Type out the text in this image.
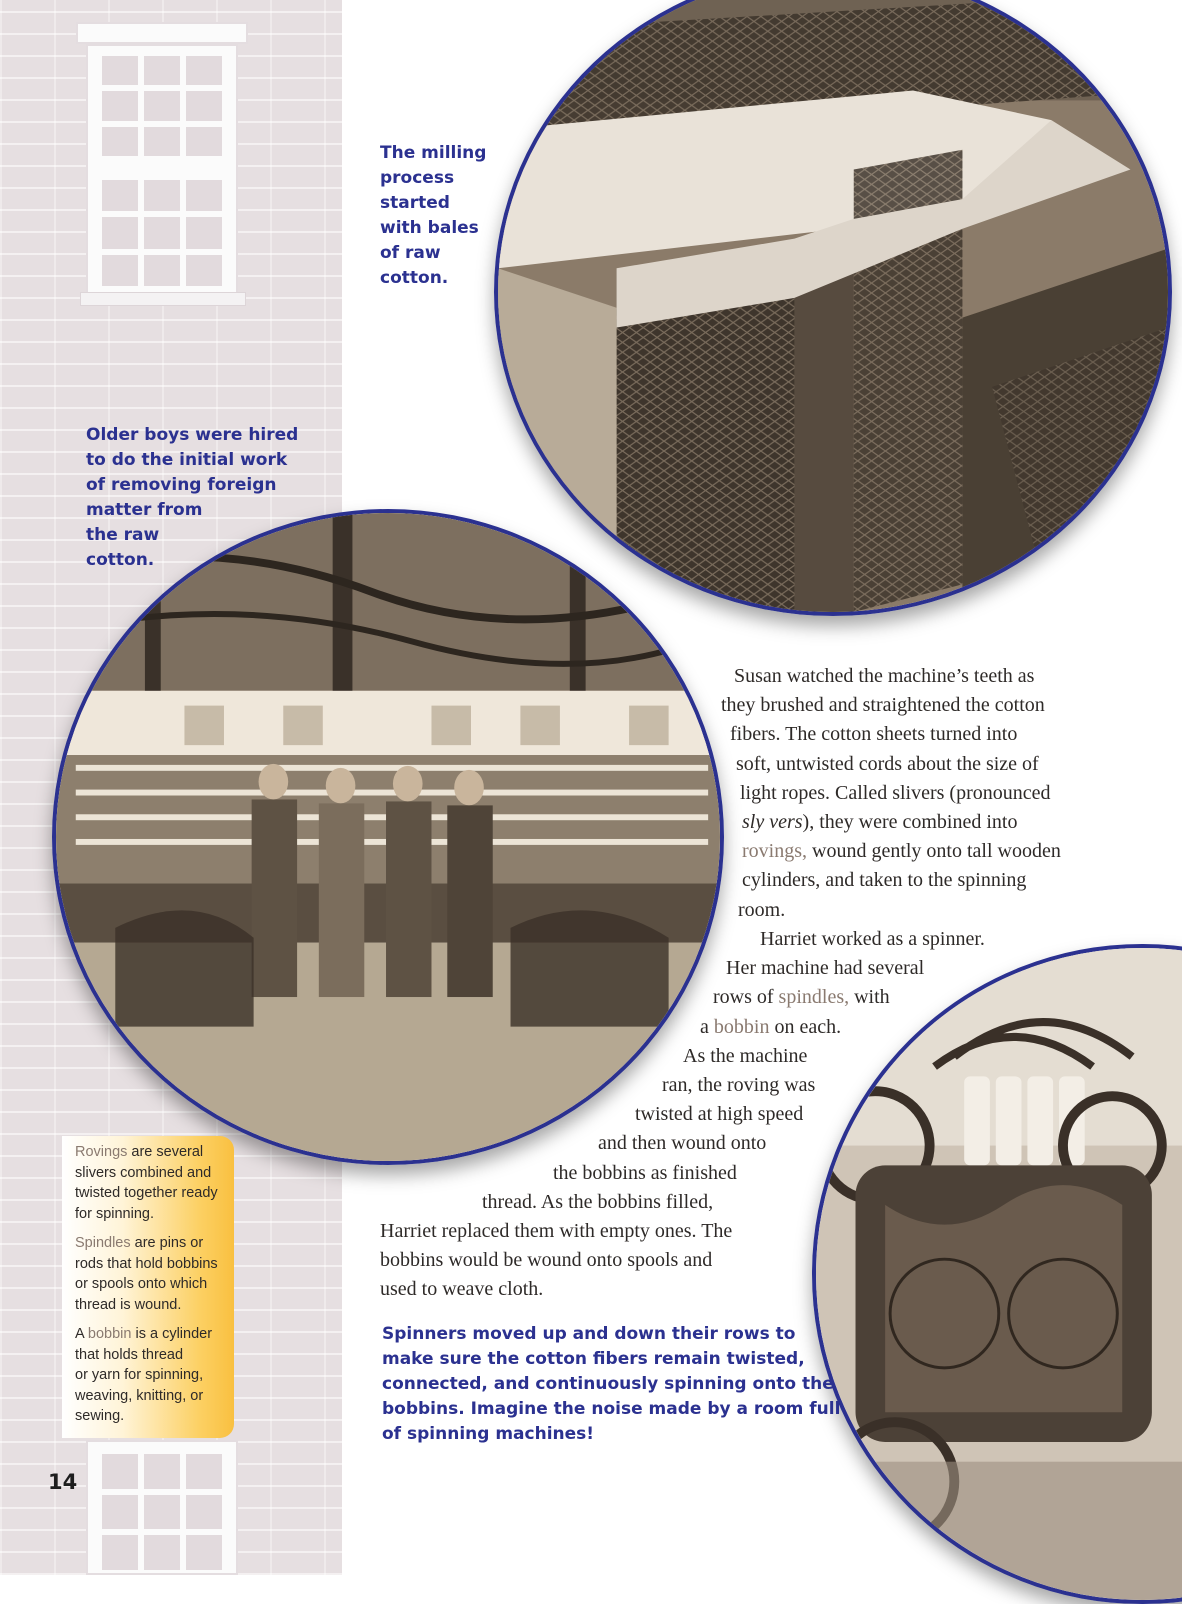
The milling
process
started
with bales
of raw
cotton.

Older boys were hired
to do the initial work
of removing foreign
matter from
the raw
cotton.

Susan watched the machine’s teeth as
they brushed and straightened the cotton
fibers. The cotton sheets turned into
soft, untwisted cords about the size of
light ropes. Called slivers (pronounced
sly vers), they were combined into
rovings, wound gently onto tall wooden
cylinders, and taken to the spinning
room.
Harriet worked as a spinner.
Her machine had several
rows of spindles, with
a bobbin on each.
As the machine
ran, the roving was
twisted at high speed
and then wound onto
the bobbins as finished
thread. As the bobbins filled,
Harriet replaced them with empty ones. The
bobbins would be wound onto spools and
used to weave cloth.

Spinners moved up and down their rows to
make sure the cotton fibers remain twisted,
connected, and continuously spinning onto the
bobbins. Imagine the noise made by a room full
of spinning machines!

Rovings are several
slivers combined and
twisted together ready
for spinning.
Spindles are pins or
rods that hold bobbins
or spools onto which
thread is wound.
A bobbin is a cylinder
that holds thread
or yarn for spinning,
weaving, knitting, or
sewing.
14
